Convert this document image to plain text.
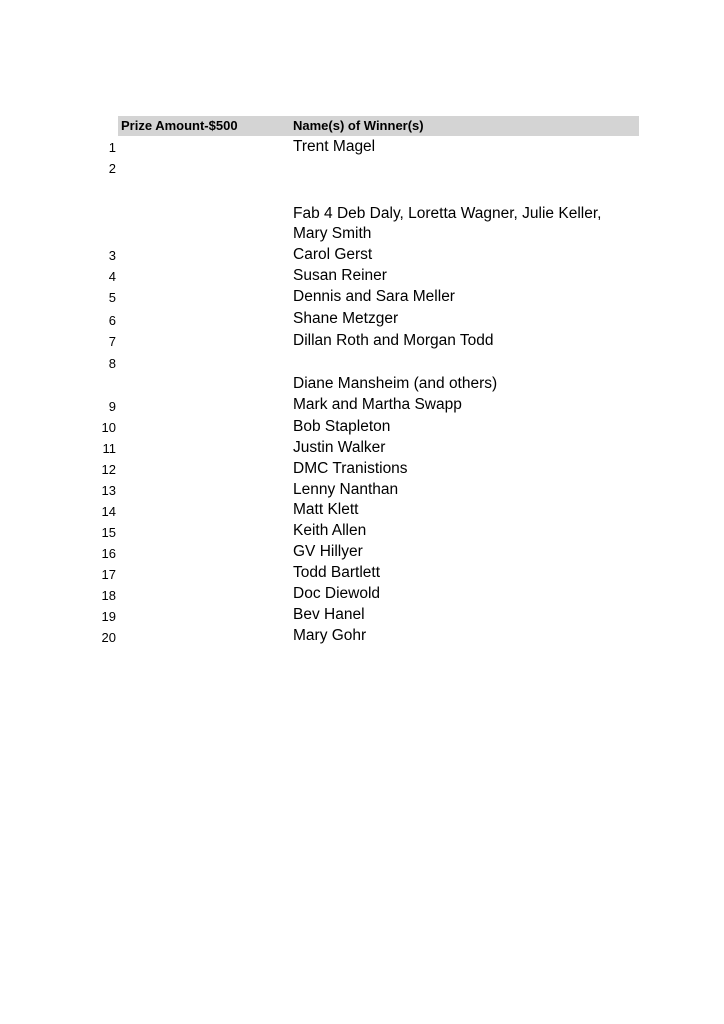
Prize Amount-$500	Name(s) of Winner(s)
1
2
3
4
5
6
7
8
9
10
11
12
13
14
15
16
17
18
19
20
Trent Magel
Fab 4 Deb Daly, Loretta Wagner, Julie Keller, Mary Smith
Carol Gerst
Susan Reiner
Dennis and Sara Meller
Shane Metzger
Dillan Roth and Morgan Todd
Diane Mansheim (and others)
Mark and Martha Swapp
Bob Stapleton
Justin Walker
DMC Tranistions
Lenny Nanthan
Matt Klett
Keith Allen
GV Hillyer
Todd Bartlett
Doc Diewold
Bev Hanel
Mary Gohr
